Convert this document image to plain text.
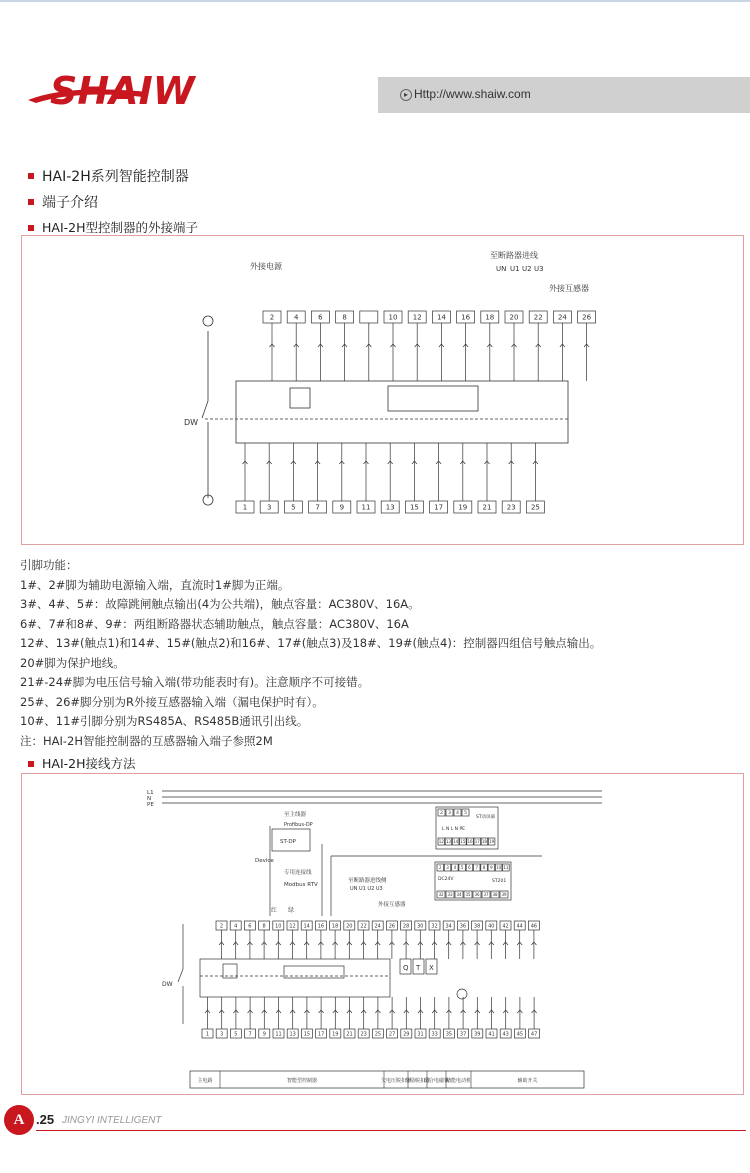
SHAIW	▸ Http://www.shaiw.com
HAI-2H系列智能控制器
端子介绍
HAI-2H型控制器的外接端子
2	4	6	8	10 12 14 16 18 20 22 24 26
1	3	5	7	9	11 13 15 17 19 21 23 25
外接电源
至断路器进线
外接互感器
UN U1 U2 U3
DW
引脚功能：
1#、2#脚为辅助电源输入端，直流时1#脚为正端。
3#、4#、5#：故障跳闸触点输出(4为公共端)，触点容量：AC380V、16A。
6#、7#和8#、9#：两组断路器状态辅助触点，触点容量：AC380V、16A
12#、13#(触点1)和14#、15#(触点2)和16#、17#(触点3)及18#、19#(触点4)：控制器四组信号触点输出。
20#脚为保护地线。
21#-24#脚为电压信号输入端(带功能表时有)。注意顺序不可接错。
25#、26#脚分别为R外接互感器输入端（漏电保护时有）。
10#、11#引脚分别为RS485A、RS485B通讯引出线。
注：HAI-2H智能控制器的互感器输入端子参照2M
HAI-2H接线方法
2 4 6 8 10 12 14 16 18 20 22 24 26 28 30 32 34 36 38 40 42 44 46
1 3 5 7 9 11 13 15 17 19 21 23 25 27 29 31 33 35 37 39 41 43 45 47
主电路	智能型控制器	欠电压脱扣器
分励脱扣器
闭合电磁铁
储能电动机	辅助开关
L1
N
PE
至主线器
Profibus-DP
ST-DP
Device
专用连接线
Modbus RTV
至断路器进线侧
UN U1 U2 U3
外接互感器
红 绿
DW
ST动屏幕
L N L N PE
ST201
DC24V
2 3 4 5
12 13 14 15 16 17 18 19
2 3 4 5 6 7 8 9 10 11
32 33 34 35 36 37 38 39
Q T X
A .25 JINGYI INTELLIGENT
